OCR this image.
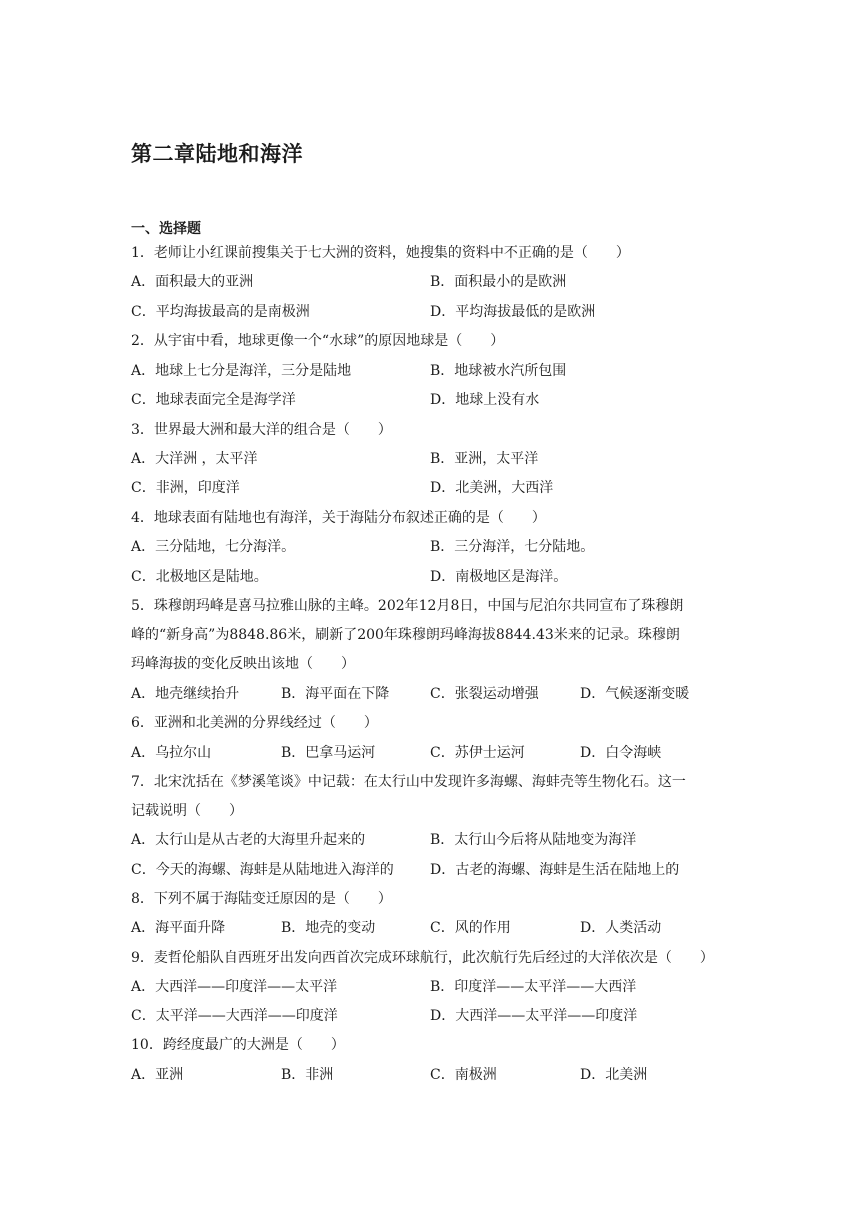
第二章陆地和海洋
一、选择题
1．老师让小红课前搜集关于七大洲的资料，她搜集的资料中不正确的是（　　）
A．面积最大的亚洲	B．面积最小的是欧洲
C．平均海拔最高的是南极洲	D．平均海拔最低的是欧洲
2．从宇宙中看，地球更像一个“水球”的原因地球是（　　）
A．地球上七分是海洋，三分是陆地	B．地球被水汽所包围
C．地球表面完全是海学洋	D．地球上没有水
3．世界最大洲和最大洋的组合是（　　）
A．大洋洲 ，太平洋	B．亚洲，太平洋
C．非洲，印度洋	D．北美洲，大西洋
4．地球表面有陆地也有海洋，关于海陆分布叙述正确的是（　　）
A．三分陆地，七分海洋。	B．三分海洋，七分陆地。
C．北极地区是陆地。	D．南极地区是海洋。
5．珠穆朗玛峰是喜马拉雅山脉的主峰。202年12月8日，中国与尼泊尔共同宣布了珠穆朗
峰的“新身高”为8848.86米，刷新了200年珠穆朗玛峰海拔8844.43米来的记录。珠穆朗
玛峰海拔的变化反映出该地（　　）
A．地壳继续抬升	B．海平面在下降	C．张裂运动增强	D．气候逐渐变暖
6．亚洲和北美洲的分界线经过（　　）
A．乌拉尔山	B．巴拿马运河	C．苏伊士运河	D．白令海峡
7．北宋沈括在《梦溪笔谈》中记载：在太行山中发现许多海螺、海蚌壳等生物化石。这一
记载说明（　　）
A．太行山是从古老的大海里升起来的	B．太行山今后将从陆地变为海洋
C．今天的海螺、海蚌是从陆地进入海洋的	D．古老的海螺、海蚌是生活在陆地上的
8．下列不属于海陆变迁原因的是（　　）
A．海平面升降	B．地壳的变动	C．风的作用	D．人类活动
9．麦哲伦船队自西班牙出发向西首次完成环球航行，此次航行先后经过的大洋依次是（　　）
A．大西洋——印度洋——太平洋	B．印度洋——太平洋——大西洋
C．太平洋——大西洋——印度洋	D．大西洋——太平洋——印度洋
10．跨经度最广的大洲是（　　）
A．亚洲	B．非洲	C．南极洲	D．北美洲
